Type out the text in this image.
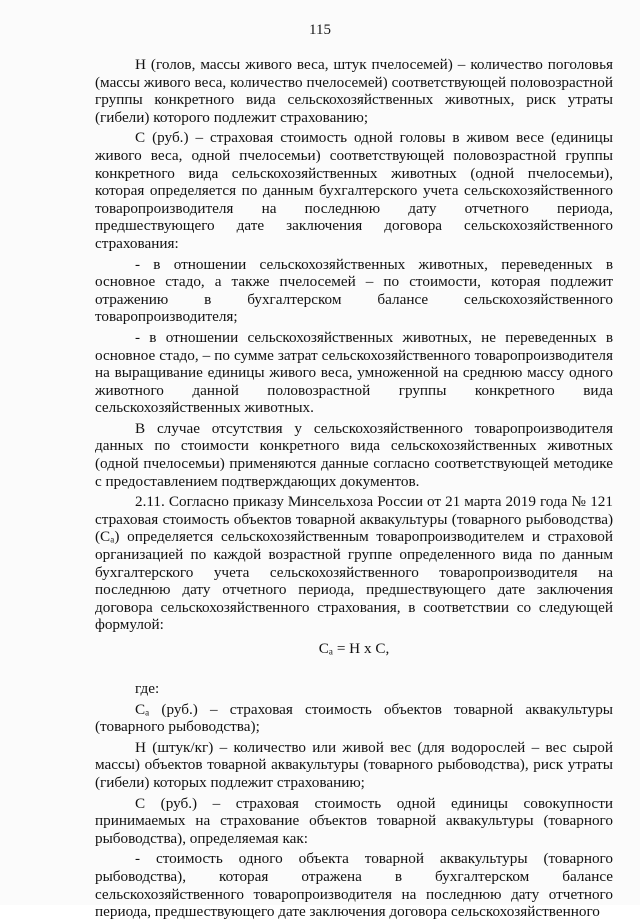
115

Н (голов, массы живого веса, штук пчелосемей) – количество поголовья (массы живого веса, количество пчелосемей) соответствующей половозрастной группы конкретного вида сельскохозяйственных животных, риск утраты (гибели) которого подлежит страхованию;

С (руб.) – страховая стоимость одной головы в живом весе (единицы живого веса, одной пчелосемьи) соответствующей половозрастной группы конкретного вида сельскохозяйственных животных (одной пчелосемьи), которая определяется по данным бухгалтерского учета сельскохозяйственного товаропроизводителя на последнюю дату отчетного периода, предшествующего дате заключения договора сельскохозяйственного страхования:

- в отношении сельскохозяйственных животных, переведенных в основное стадо, а также пчелосемей – по стоимости, которая подлежит отражению в бухгалтерском балансе сельскохозяйственного товаропроизводителя;

- в отношении сельскохозяйственных животных, не переведенных в основное стадо, – по сумме затрат сельскохозяйственного товаропроизводителя на выращивание единицы живого веса, умноженной на среднюю массу одного животного данной половозрастной группы конкретного вида сельскохозяйственных животных.

В случае отсутствия у сельскохозяйственного товаропроизводителя данных по стоимости конкретного вида сельскохозяйственных животных (одной пчелосемьи) применяются данные согласно соответствующей методике с предоставлением подтверждающих документов.

2.11. Согласно приказу Минсельхоза России от 21 марта 2019 года № 121 страховая стоимость объектов товарной аквакультуры (товарного рыбоводства) (Сₐ) определяется сельскохозяйственным товаропроизводителем и страховой организацией по каждой возрастной группе определенного вида по данным бухгалтерского учета сельскохозяйственного товаропроизводителя на последнюю дату отчетного периода, предшествующего дате заключения договора сельскохозяйственного страхования, в соответствии со следующей формулой:

Сₐ = Н х С,

где:

Сₐ (руб.) – страховая стоимость объектов товарной аквакультуры (товарного рыбоводства);

Н (штук/кг) – количество или живой вес (для водорослей – вес сырой массы) объектов товарной аквакультуры (товарного рыбоводства), риск утраты (гибели) которых подлежит страхованию;

С (руб.) – страховая стоимость одной единицы совокупности принимаемых на страхование объектов товарной аквакультуры (товарного рыбоводства), определяемая как:

- стоимость одного объекта товарной аквакультуры (товарного рыбоводства), которая отражена в бухгалтерском балансе сельскохозяйственного товаропроизводителя на последнюю дату отчетного периода, предшествующего дате заключения договора сельскохозяйственного
